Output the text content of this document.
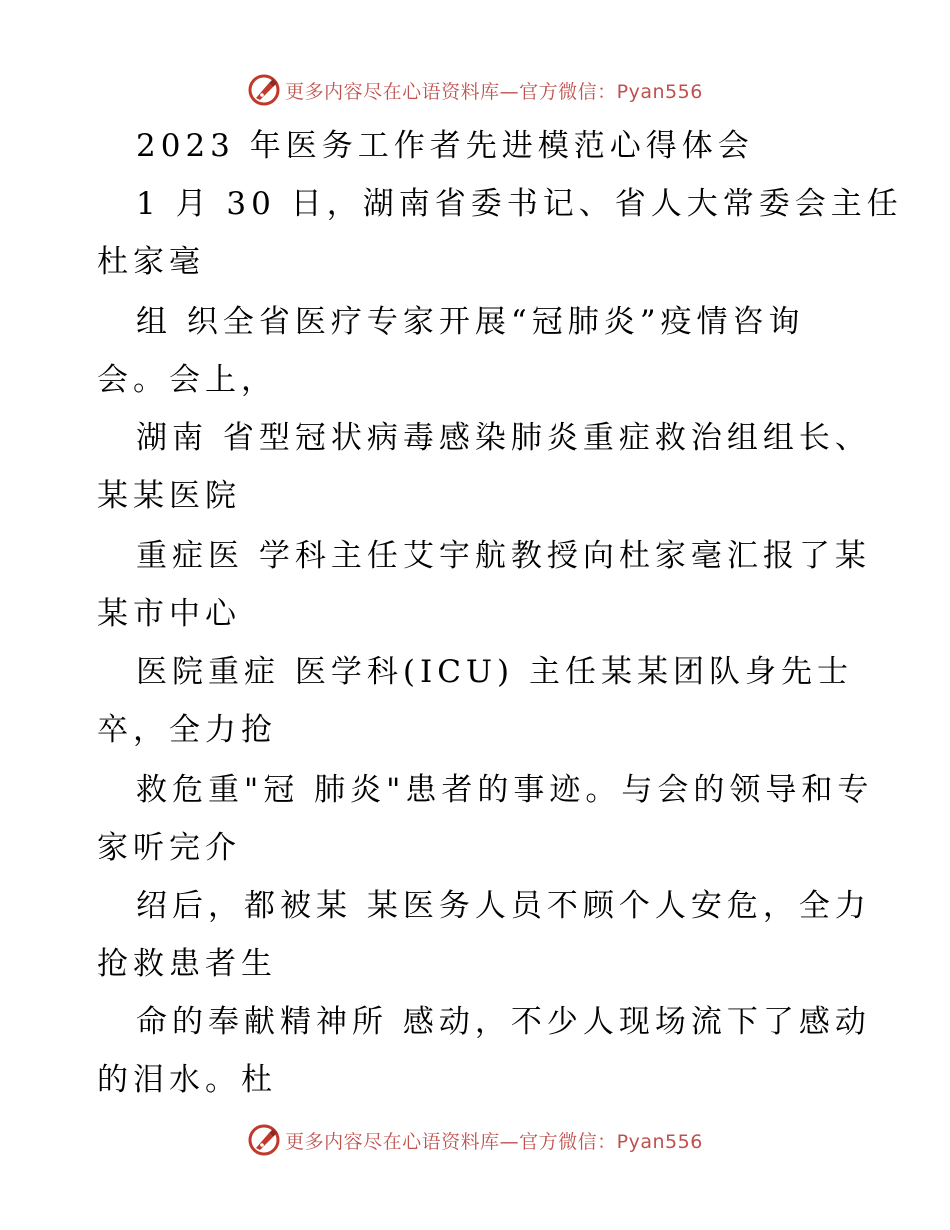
更多内容尽在心语资料库—官方微信：Pyan556
2023 年医务工作者先进模范心得体会
1 月 30 日，湖南省委书记、省人大常委会主任
杜家毫
组 织全省医疗专家开展“冠肺炎”疫情咨询
会。会上，
湖南 省型冠状病毒感染肺炎重症救治组组长、
某某医院
重症医 学科主任艾宇航教授向杜家毫汇报了某
某市中心
医院重症 医学科(ICU) 主任某某团队身先士
卒，全力抢
救危重"冠 肺炎"患者的事迹。与会的领导和专
家听完介
绍后，都被某 某医务人员不顾个人安危，全力
抢救患者生
命的奉献精神所 感动，不少人现场流下了感动
的泪水。杜
更多内容尽在心语资料库—官方微信：Pyan556
